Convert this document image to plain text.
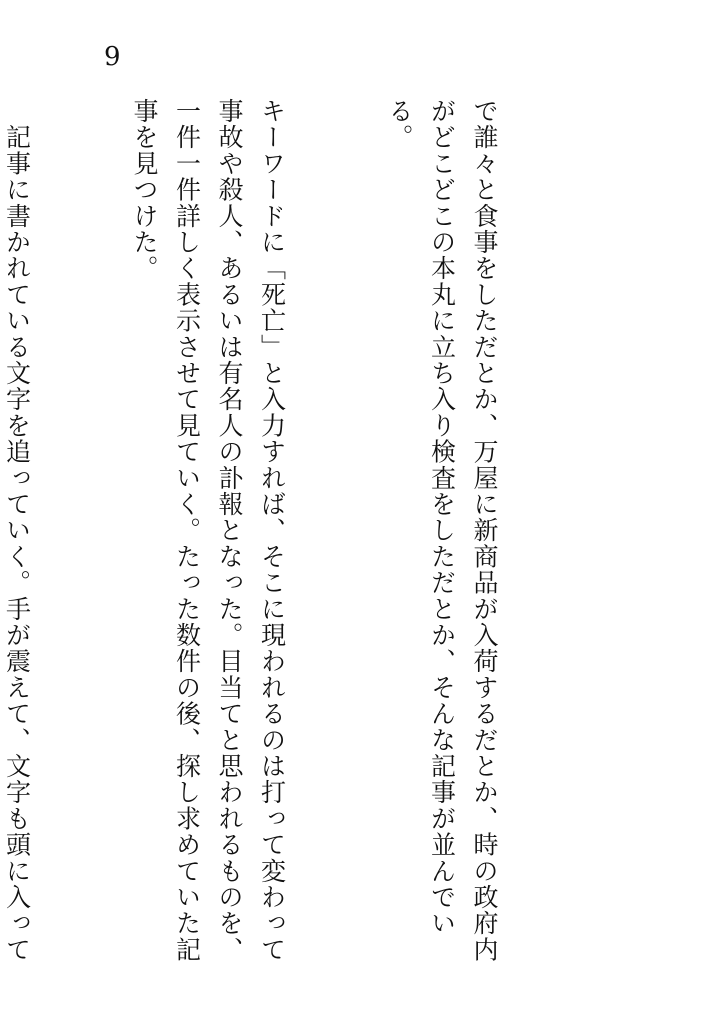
9

で誰々と食事をしただとか、万屋に新商品が入荷するだとか、時の政府内がどこどこの本丸に立ち入り検査をしただとか、そんな記事が並んでいる。

キーワードに「死亡」と入力すれば、そこに現われるのは打って変わって事故や殺人、あるいは有名人の訃報となった。目当てと思われるものを、一件一件詳しく表示させて見ていく。たった数件の後、探し求めていた記事を見つけた。

　記事に書かれている文字を追っていく。手が震えて、文字も頭に入って
